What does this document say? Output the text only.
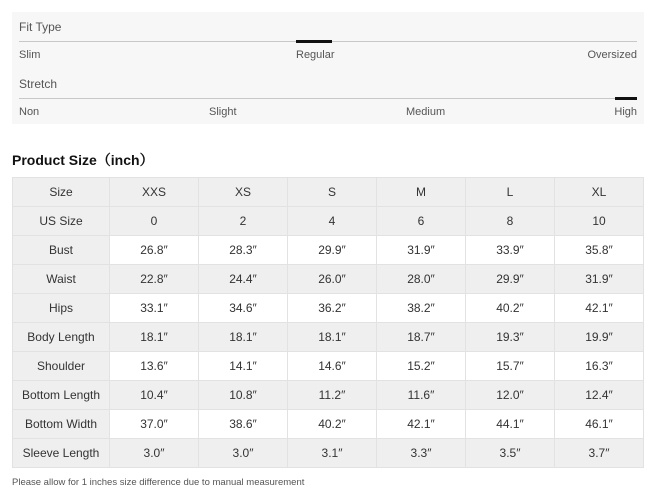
Fit Type
Slim	Regular	Oversized
Stretch
Non	Slight	Medium	High
Product Size（inch）
Size	XXS	XS	S	M	L	XL
US Size	0	2	4	6	8	10
Bust	26.8″	28.3″	29.9″	31.9″	33.9″	35.8″
Waist	22.8″	24.4″	26.0″	28.0″	29.9″	31.9″
Hips	33.1″	34.6″	36.2″	38.2″	40.2″	42.1″
Body Length	18.1″	18.1″	18.1″	18.7″	19.3″	19.9″
Shoulder	13.6″	14.1″	14.6″	15.2″	15.7″	16.3″
Bottom Length	10.4″	10.8″	11.2″	11.6″	12.0″	12.4″
Bottom Width	37.0″	38.6″	40.2″	42.1″	44.1″	46.1″
Sleeve Length	3.0″	3.0″	3.1″	3.3″	3.5″	3.7″
Please allow for 1 inches size difference due to manual measurement
